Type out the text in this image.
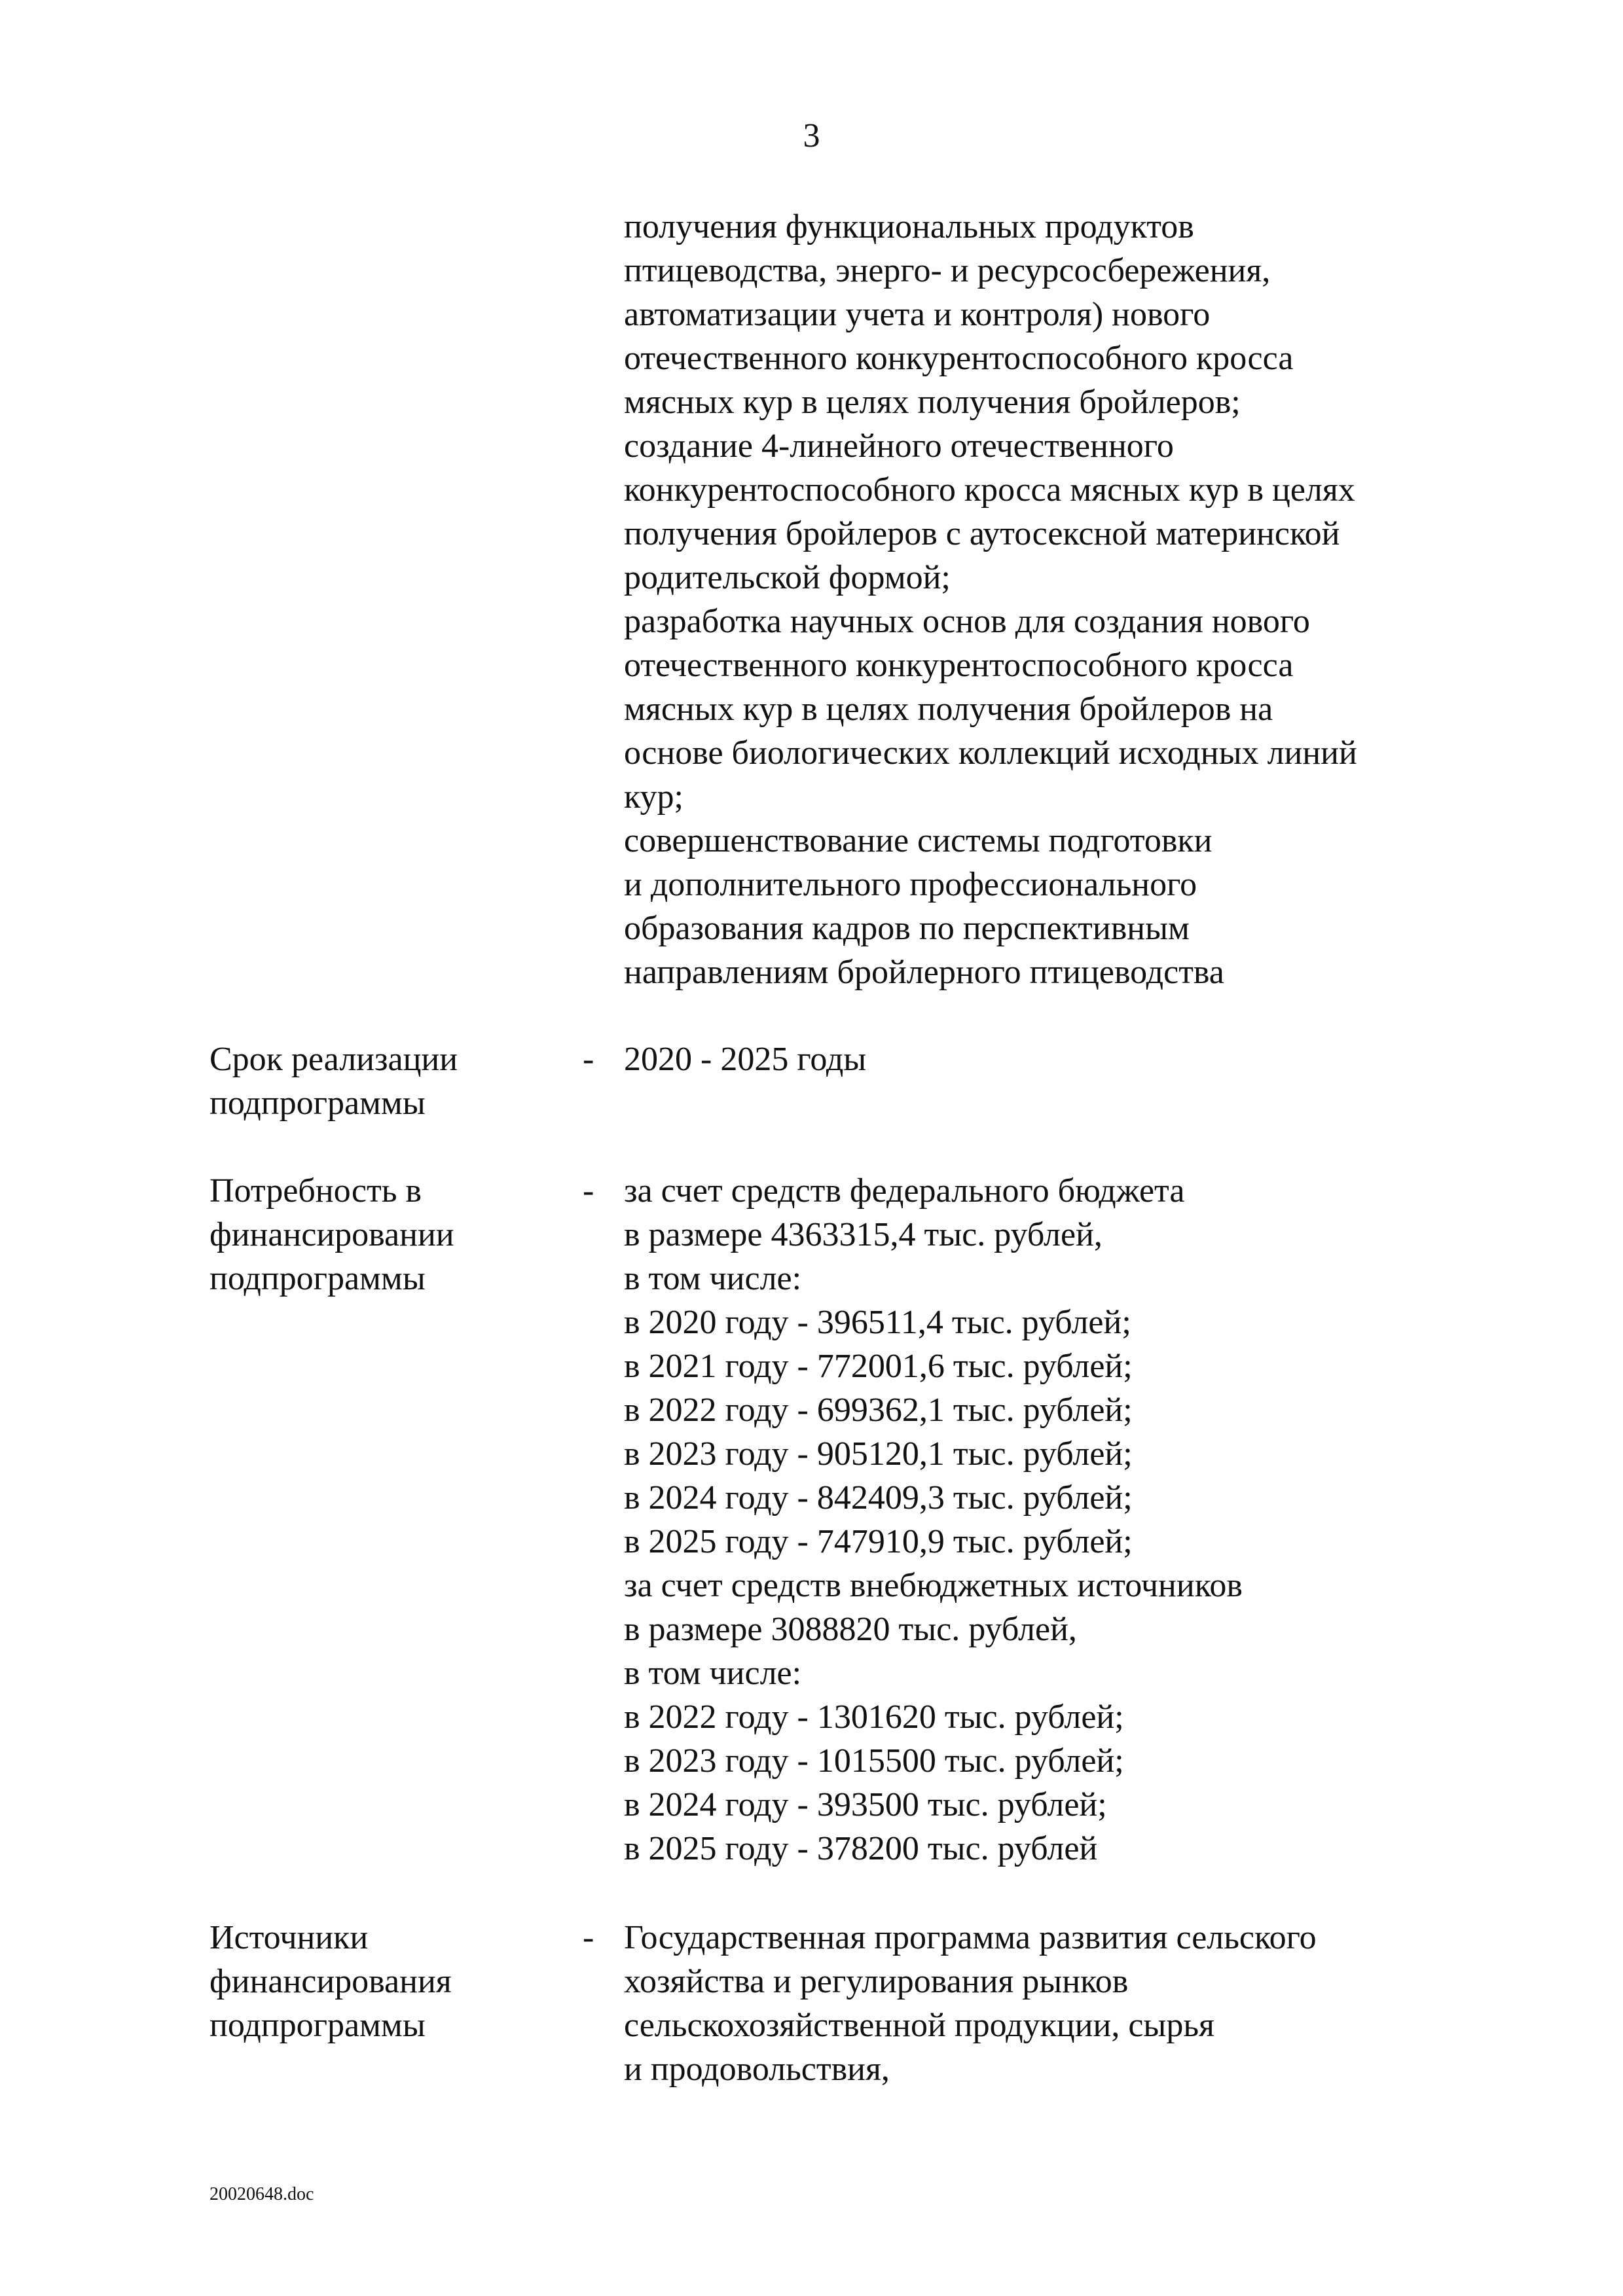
3
получения функциональных продуктов
птицеводства, энерго- и ресурсосбережения,
автоматизации учета и контроля) нового
отечественного конкурентоспособного кросса
мясных кур в целях получения бройлеров;
создание 4-линейного отечественного
конкурентоспособного кросса мясных кур в целях
получения бройлеров с аутосексной материнской
родительской формой;
разработка научных основ для создания нового
отечественного конкурентоспособного кросса
мясных кур в целях получения бройлеров на
основе биологических коллекций исходных линий
кур;
совершенствование системы подготовки
и дополнительного профессионального
образования кадров по перспективным
направлениям бройлерного птицеводства
Срок реализации
подпрограммы
- 2020 - 2025 годы
Потребность в
финансировании
подпрограммы
- за счет средств федерального бюджета
в размере 4363315,4 тыс. рублей,
в том числе:
в 2020 году - 396511,4 тыс. рублей;
в 2021 году - 772001,6 тыс. рублей;
в 2022 году - 699362,1 тыс. рублей;
в 2023 году - 905120,1 тыс. рублей;
в 2024 году - 842409,3 тыс. рублей;
в 2025 году - 747910,9 тыс. рублей;
за счет средств внебюджетных источников
в размере 3088820 тыс. рублей,
в том числе:
в 2022 году - 1301620 тыс. рублей;
в 2023 году - 1015500 тыс. рублей;
в 2024 году - 393500 тыс. рублей;
в 2025 году - 378200 тыс. рублей
Источники
финансирования
подпрограммы
- Государственная программа развития сельского
хозяйства и регулирования рынков
сельскохозяйственной продукции, сырья
и продовольствия,
20020648.doc
